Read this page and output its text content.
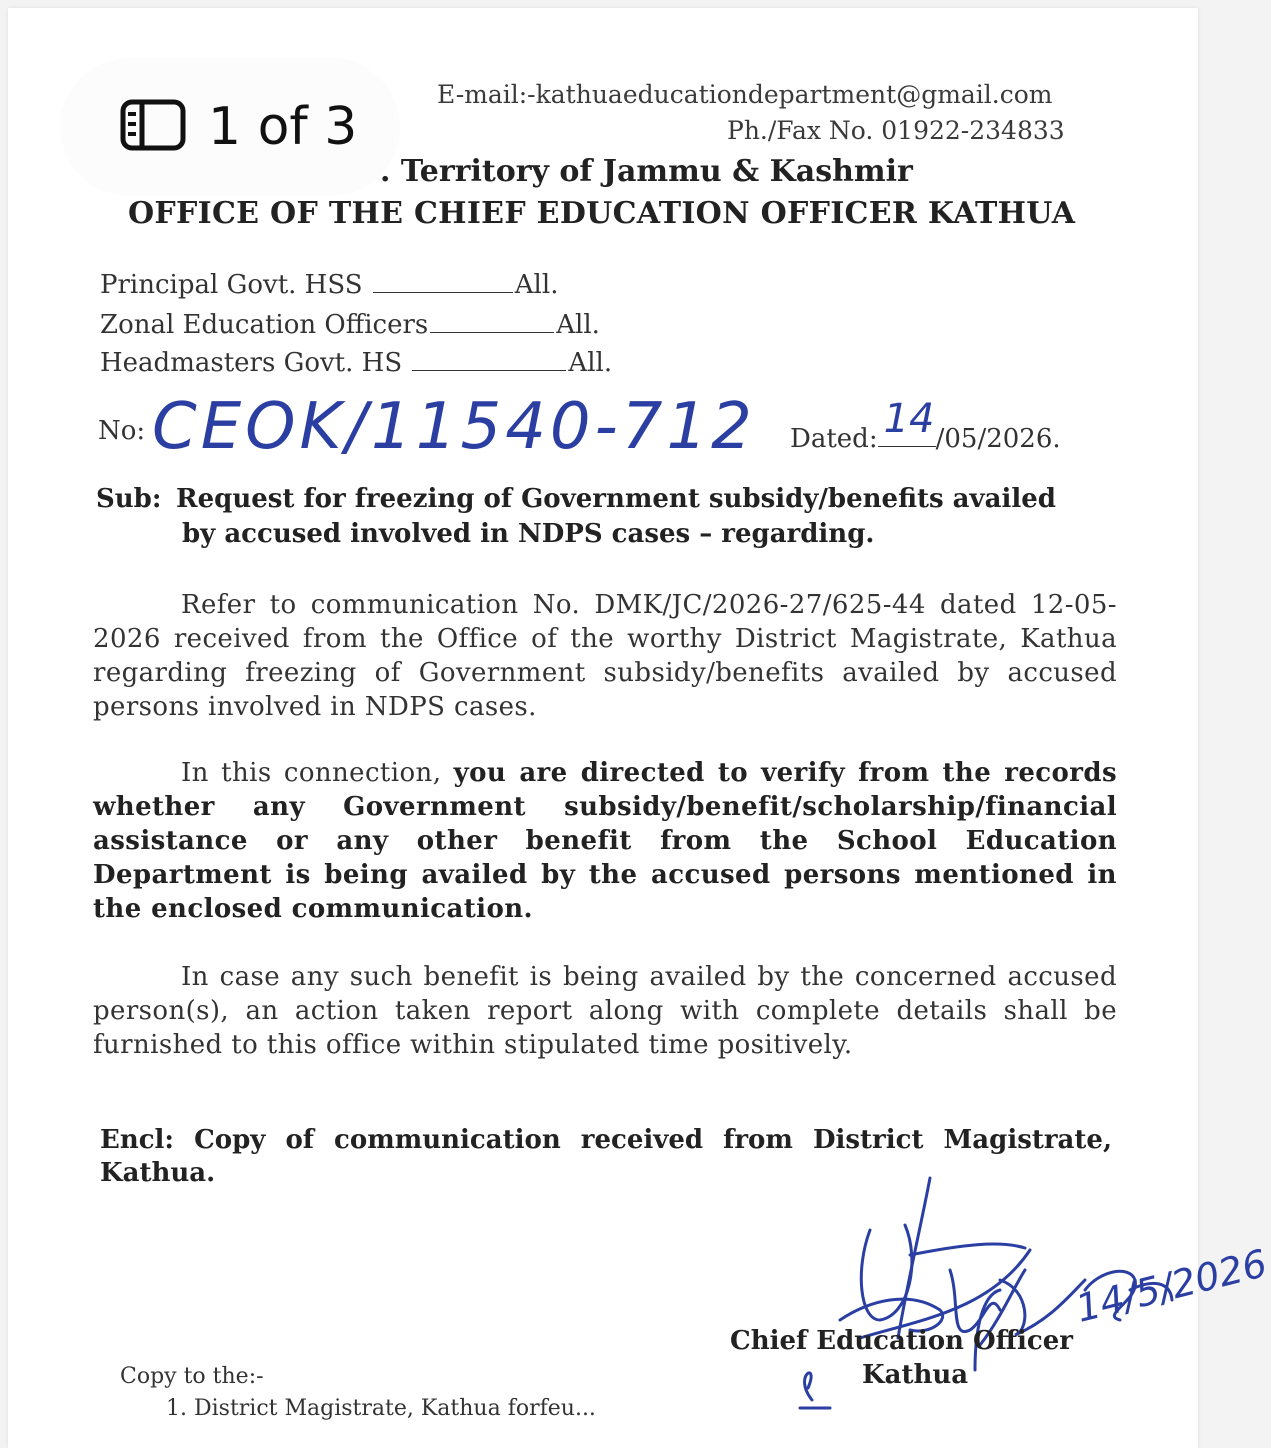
1 of 3
E-mail:-kathuaeducationdepartment@gmail.com
Ph./Fax No. 01922-234833
. Territory of Jammu & Kashmir
OFFICE OF THE CHIEF EDUCATION OFFICER KATHUA
Principal Govt. HSS	All.
Zonal Education Officers	All.
Headmasters Govt. HS	All.
No: CEOK/11540-712 Dated: 14 /05/2026.
Sub: Request for freezing of Government subsidy/benefits availed
by accused involved in NDPS cases – regarding.

Refer to communication No. DMK/JC/2026-27/625-44 dated 12-05-2026 received from the Office of the worthy District Magistrate, Kathua regarding freezing of Government subsidy/benefits availed by accused persons involved in NDPS cases.

In this connection, you are directed to verify from the records whether any Government subsidy/benefit/scholarship/financial assistance or any other benefit from the School Education Department is being availed by the accused persons mentioned in the enclosed communication.

In case any such benefit is being availed by the concerned accused person(s), an action taken report along with complete details shall be furnished to this office within stipulated time positively.

Encl: Copy of communication received from District Magistrate, Kathua.
14/5/2026
Chief Education Officer
Kathua
Copy to the:-
1. District Magistrate, Kathua forfeu...
